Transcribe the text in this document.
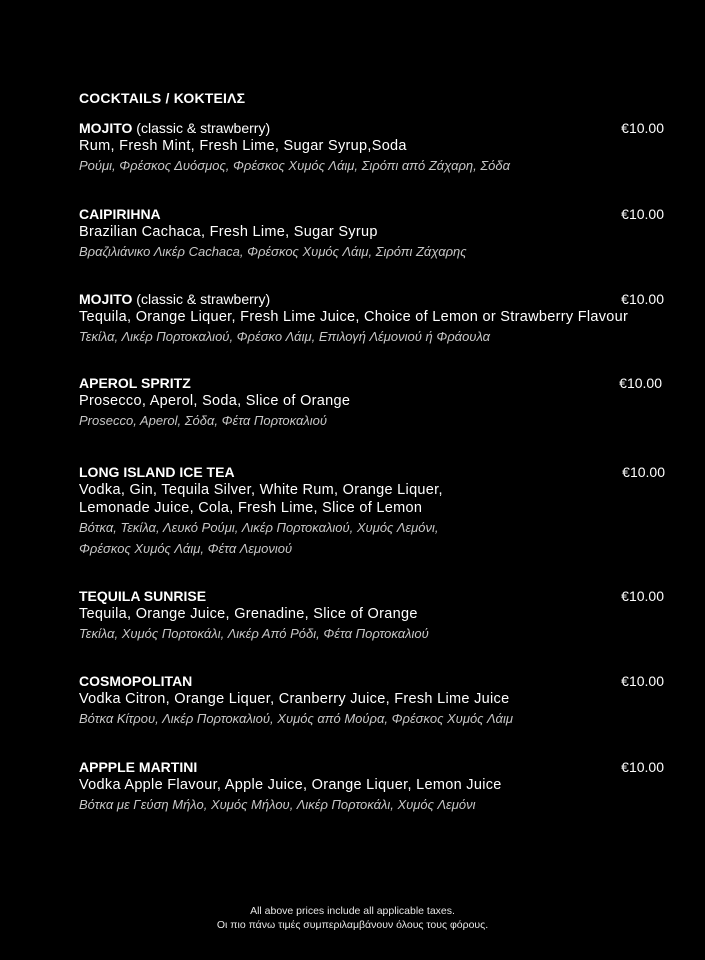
COCKTAILS / ΚΟΚΤΕΙΛΣ
MOJITO (classic & strawberry)	€10.00
Rum, Fresh Mint, Fresh Lime, Sugar Syrup,Soda
Ρούμι, Φρέσκος Δυόσμος, Φρέσκος Χυμός Λάιμ, Σιρόπι από Ζάχαρη, Σόδα
CAIPIRIHNA	€10.00
Brazilian Cachaca, Fresh Lime, Sugar Syrup
Βραζιλιάνικο Λικέρ Cachaca, Φρέσκος Χυμός Λάιμ, Σιρόπι Ζάχαρης
MOJITO (classic & strawberry)	€10.00
Tequila, Orange Liquer, Fresh Lime Juice, Choice of Lemon or Strawberry Flavour
Τεκίλα, Λικέρ Πορτοκαλιού, Φρέσκο Λάιμ, Επιλογή Λέμονιού ή Φράουλα
APEROL SPRITZ	€10.00
Prosecco, Aperol, Soda, Slice of Orange
Prosecco, Aperol, Σόδα, Φέτα Πορτοκαλιού
LONG ISLAND ICE TEA	€10.00
Vodka, Gin, Tequila Silver, White Rum, Orange Liquer,
Lemonade Juice, Cola, Fresh Lime, Slice of Lemon
Βότκα, Τεκίλα, Λευκό Ρούμι, Λικέρ Πορτοκαλιού, Χυμός Λεμόνι,
Φρέσκος Χυμός Λάιμ, Φέτα Λεμονιού
TEQUILA SUNRISE	€10.00
Tequila, Orange Juice, Grenadine, Slice of Orange
Τεκίλα, Χυμός Πορτοκάλι, Λικέρ Από Ρόδι, Φέτα Πορτοκαλιού
COSMOPOLITAN	€10.00
Vodka Citron, Orange Liquer, Cranberry Juice, Fresh Lime Juice
Βότκα Κίτρου, Λικέρ Πορτοκαλιού, Χυμός από Μούρα, Φρέσκος Χυμός Λάιμ
APPPLE MARTINI	€10.00
Vodka Apple Flavour, Apple Juice, Orange Liquer, Lemon Juice
Βότκα με Γεύση Μήλο, Χυμός Μήλου, Λικέρ Πορτοκάλι, Χυμός Λεμόνι
All above prices include all applicable taxes.
Οι πιο πάνω τιμές συμπεριλαμβάνουν όλους τους φόρους.
